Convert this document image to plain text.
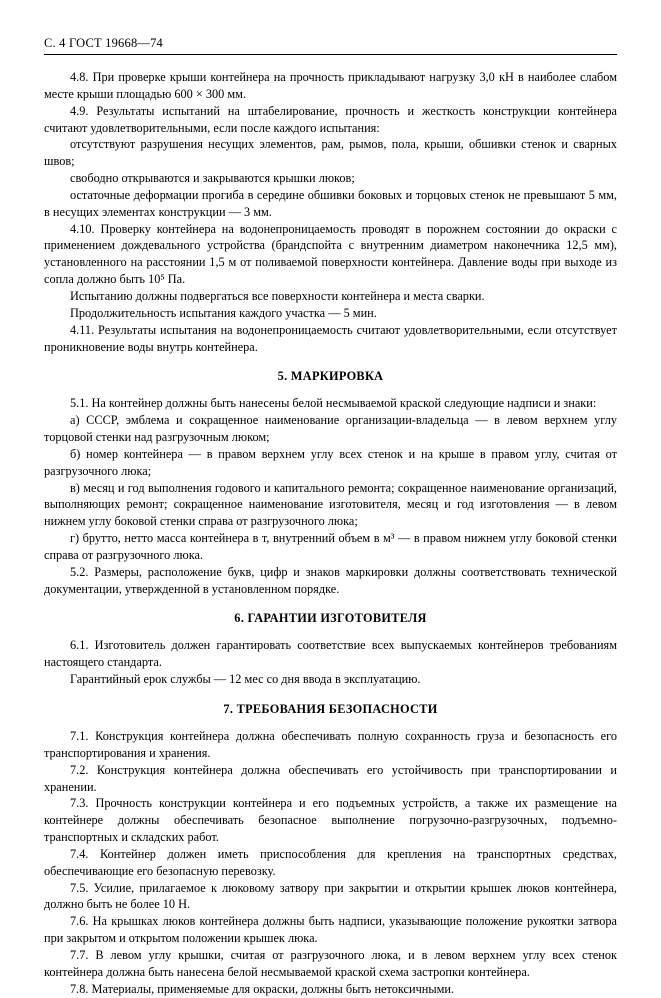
С. 4 ГОСТ 19668—74

4.8. При проверке крыши контейнера на прочность прикладывают нагрузку 3,0 кН в наиболее слабом месте крыши площадью 600 × 300 мм.

4.9. Результаты испытаний на штабелирование, прочность и жесткость конструкции контейнера считают удовлетворительными, если после каждого испытания:

отсутствуют разрушения несущих элементов, рам, рымов, пола, крыши, обшивки стенок и сварных швов;

свободно открываются и закрываются крышки люков;

остаточные деформации прогиба в середине обшивки боковых и торцовых стенок не превышают 5 мм, в несущих элементах конструкции — 3 мм.

4.10. Проверку контейнера на водонепроницаемость проводят в порожнем состоянии до окраски с применением дождевального устройства (брандспойта с внутренним диаметром наконечника 12,5 мм), установленного на расстоянии 1,5 м от поливаемой поверхности контейнера. Давление воды при выходе из сопла должно быть 10⁵ Па.

Испытанию должны подвергаться все поверхности контейнера и места сварки.

Продолжительность испытания каждого участка — 5 мин.

4.11. Результаты испытания на водонепроницаемость считают удовлетворительными, если отсутствует проникновение воды внутрь контейнера.

5. МАРКИРОВКА

5.1. На контейнер должны быть нанесены белой несмываемой краской следующие надписи и знаки:

а) СССР, эмблема и сокращенное наименование организации-владельца — в левом верхнем углу торцовой стенки над разгрузочным люком;

б) номер контейнера — в правом верхнем углу всех стенок и на крыше в правом углу, считая от разгрузочного люка;

в) месяц и год выполнения годового и капитального ремонта; сокращенное наименование организаций, выполняющих ремонт; сокращенное наименование изготовителя, месяц и год изготовления — в левом нижнем углу боковой стенки справа от разгрузочного люка;

г) брутто, нетто масса контейнера в т, внутренний объем в м³ — в правом нижнем углу боковой стенки справа от разгрузочного люка.

5.2. Размеры, расположение букв, цифр и знаков маркировки должны соответствовать технической документации, утвержденной в установленном порядке.

6. ГАРАНТИИ ИЗГОТОВИТЕЛЯ

6.1. Изготовитель должен гарантировать соответствие всех выпускаемых контейнеров требованиям настоящего стандарта.

Гарантийный ерок службы — 12 мес со дня ввода в эксплуатацию.

7. ТРЕБОВАНИЯ БЕЗОПАСНОСТИ

7.1. Конструкция контейнера должна обеспечивать полную сохранность груза и безопасность его транспортирования и хранения.

7.2. Конструкция контейнера должна обеспечивать его устойчивость при транспортировании и хранении.

7.3. Прочность конструкции контейнера и его подъемных устройств, а также их размещение на контейнере должны обеспечивать безопасное выполнение погрузочно-разгрузочных, подъемно-транспортных и складских работ.

7.4. Контейнер должен иметь приспособления для крепления на транспортных средствах, обеспечивающие его безопасную перевозку.

7.5. Усилие, прилагаемое к люковому затвору при закрытии и открытии крышек люков контейнера, должно быть не более 10 Н.

7.6. На крышках люков контейнера должны быть надписи, указывающие положение рукоятки затвора при закрытом и открытом положении крышек люка.

7.7. В левом углу крышки, считая от разгрузочного люка, и в левом верхнем углу всех стенок контейнера должна быть нанесена белой несмываемой краской схема застропки контейнера.

7.8. Материалы, применяемые для окраски, должны быть нетоксичными.
